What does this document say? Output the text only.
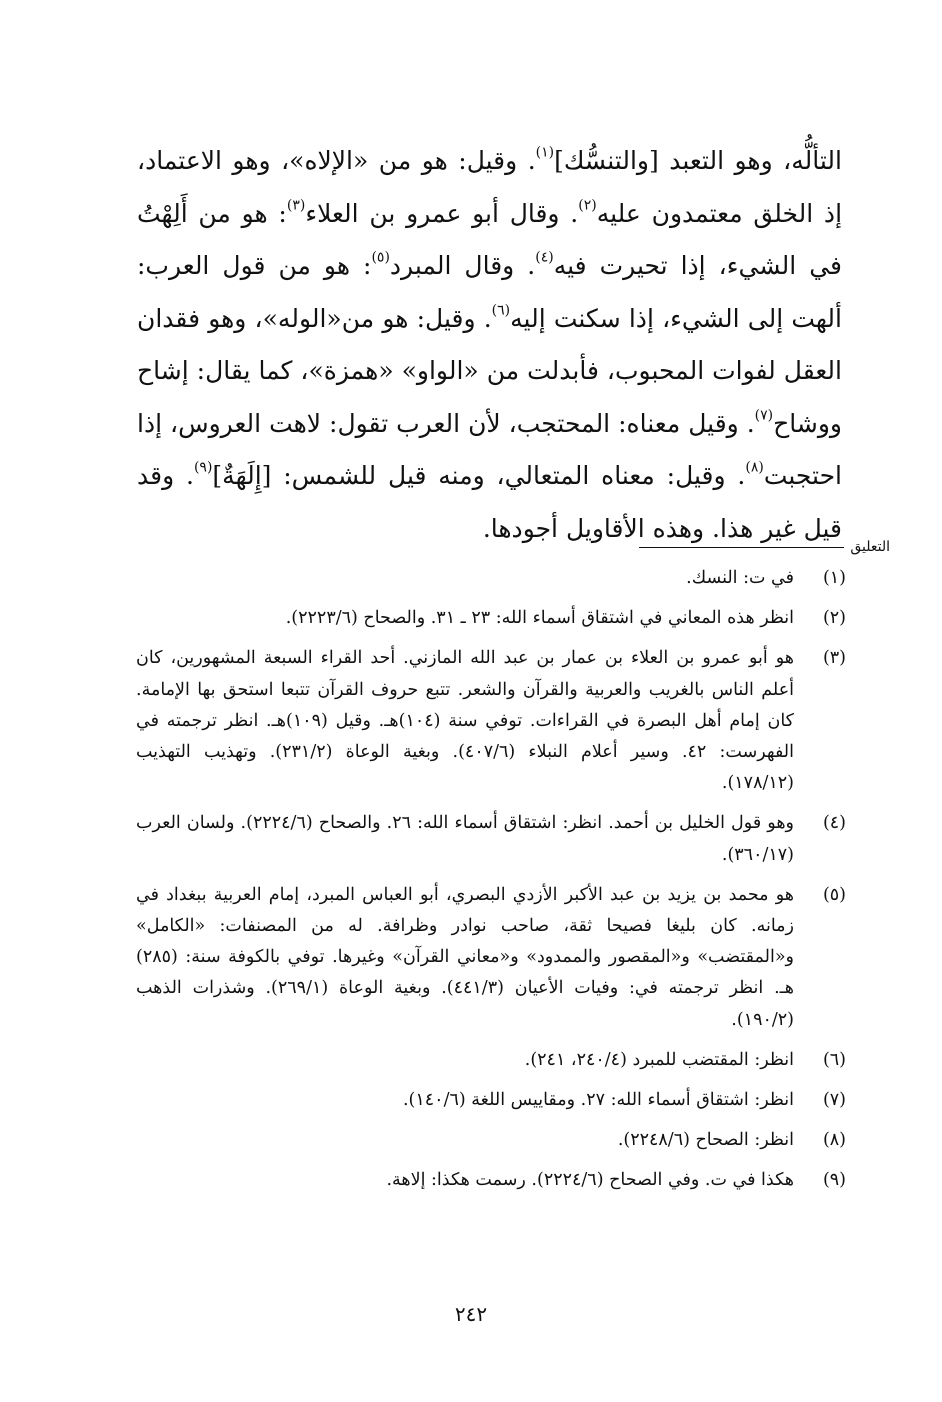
التألُّه، وهو التعبد [والتنسُّك]$^{(١)}$. وقيل: هو من «الإلاه»، وهو الاعتماد، إذ الخلق معتمدون عليه$^{(٢)}$. وقال أبو عمرو بن العلاء$^{(٣)}$: هو من أَلِهْتُ في الشيء، إذا تحيرت فيه$^{(٤)}$. وقال المبرد$^{(٥)}$: هو من قول العرب: ألهت إلى الشيء، إذا سكنت إليه$^{(٦)}$. وقيل: هو من«الوله»، وهو فقدان العقل لفوات المحبوب، فأبدلت من «الواو» «همزة»، كما يقال: إشاح ووشاح$^{(٧)}$. وقيل معناه: المحتجب، لأن العرب تقول: لاهت العروس، إذا احتجبت$^{(٨)}$. وقيل: معناه المتعالي، ومنه قيل للشمس: [إِلَهَةٌ]$^{(٩)}$. وقد قيل غير هذا. وهذه الأقاويل أجودها.
التعليق
(١)
في ت: النسك.
(٢)
انظر هذه المعاني في اشتقاق أسماء الله: ٢٣ ـ ٣١. والصحاح (٢٢٢٣/٦).
(٣)
هو أبو عمرو بن العلاء بن عمار بن عبد الله المازني. أحد القراء السبعة المشهورين، كان أعلم الناس بالغريب والعربية والقرآن والشعر. تتبع حروف القرآن تتبعا استحق بها الإمامة. كان إمام أهل البصرة في القراءات. توفي سنة (١٠٤)هـ. وقيل (١٠٩)هـ. انظر ترجمته في الفهرست: ٤٢. وسير أعلام النبلاء (٤٠٧/٦). وبغية الوعاة (٢٣١/٢). وتهذيب التهذيب (١٧٨/١٢).
(٤)
وهو قول الخليل بن أحمد. انظر: اشتقاق أسماء الله: ٢٦. والصحاح (٢٢٢٤/٦). ولسان العرب (٣٦٠/١٧).
(٥)
هو محمد بن يزيد بن عبد الأكبر الأزدي البصري، أبو العباس المبرد، إمام العربية ببغداد في زمانه. كان بليغا فصيحا ثقة، صاحب نوادر وظرافة. له من المصنفات: «الكامل» و«المقتضب» و«المقصور والممدود» و«معاني القرآن» وغيرها. توفي بالكوفة سنة: (٢٨٥) هـ. انظر ترجمته في: وفيات الأعيان (٤٤١/٣). وبغية الوعاة (٢٦٩/١). وشذرات الذهب (١٩٠/٢).
(٦)
انظر: المقتضب للمبرد (٢٤٠/٤، ٢٤١).
(٧)
انظر: اشتقاق أسماء الله: ٢٧. ومقاييس اللغة (١٤٠/٦).
(٨)
انظر: الصحاح (٢٢٤٨/٦).
(٩)
هكذا في ت. وفي الصحاح (٢٢٢٤/٦). رسمت هكذا: إلاهة.
٢٤٢
